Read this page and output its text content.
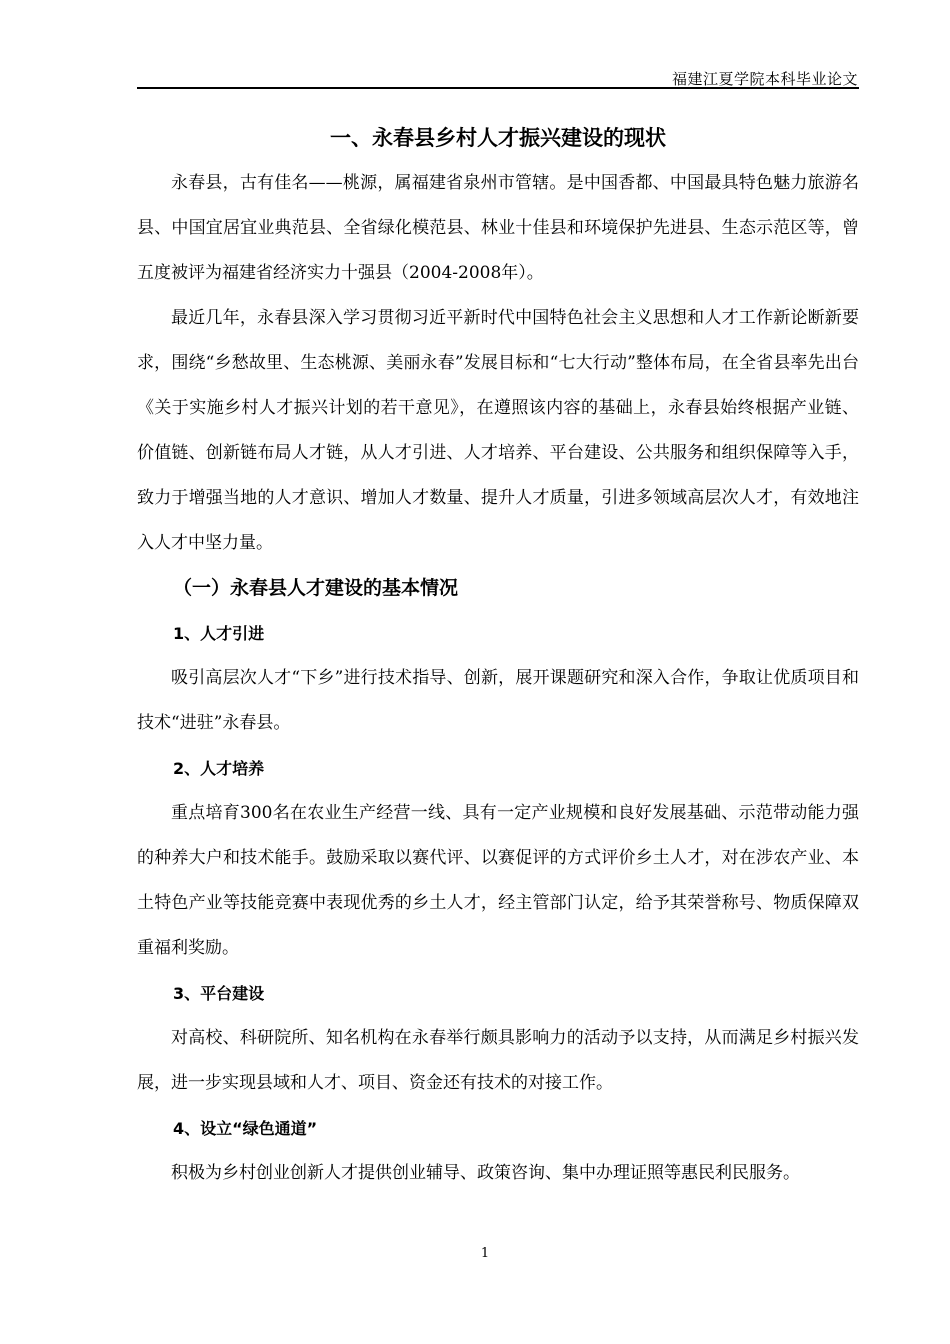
福建江夏学院本科毕业论文
一、永春县乡村人才振兴建设的现状

永春县，古有佳名——桃源，属福建省泉州市管辖。是中国香都、中国最具特色魅力旅游名县、中国宜居宜业典范县、全省绿化模范县、林业十佳县和环境保护先进县、生态示范区等，曾五度被评为福建省经济实力十强县（2004-2008年）。

最近几年，永春县深入学习贯彻习近平新时代中国特色社会主义思想和人才工作新论断新要求，围绕“乡愁故里、生态桃源、美丽永春”发展目标和“七大行动”整体布局，在全省县率先出台《关于实施乡村人才振兴计划的若干意见》，在遵照该内容的基础上，永春县始终根据产业链、价值链、创新链布局人才链，从人才引进、人才培养、平台建设、公共服务和组织保障等入手，致力于增强当地的人才意识、增加人才数量、提升人才质量，引进多领域高层次人才，有效地注入人才中坚力量。

（一）永春县人才建设的基本情况
1、人才引进

吸引高层次人才“下乡”进行技术指导、创新，展开课题研究和深入合作，争取让优质项目和技术“进驻”永春县。

2、人才培养

重点培育300名在农业生产经营一线、具有一定产业规模和良好发展基础、示范带动能力强的种养大户和技术能手。鼓励采取以赛代评、以赛促评的方式评价乡土人才，对在涉农产业、本土特色产业等技能竞赛中表现优秀的乡土人才，经主管部门认定，给予其荣誉称号、物质保障双重福利奖励。

3、平台建设

对高校、科研院所、知名机构在永春举行颇具影响力的活动予以支持，从而满足乡村振兴发展，进一步实现县域和人才、项目、资金还有技术的对接工作。

4、设立“绿色通道”

积极为乡村创业创新人才提供创业辅导、政策咨询、集中办理证照等惠民利民服务。

1
